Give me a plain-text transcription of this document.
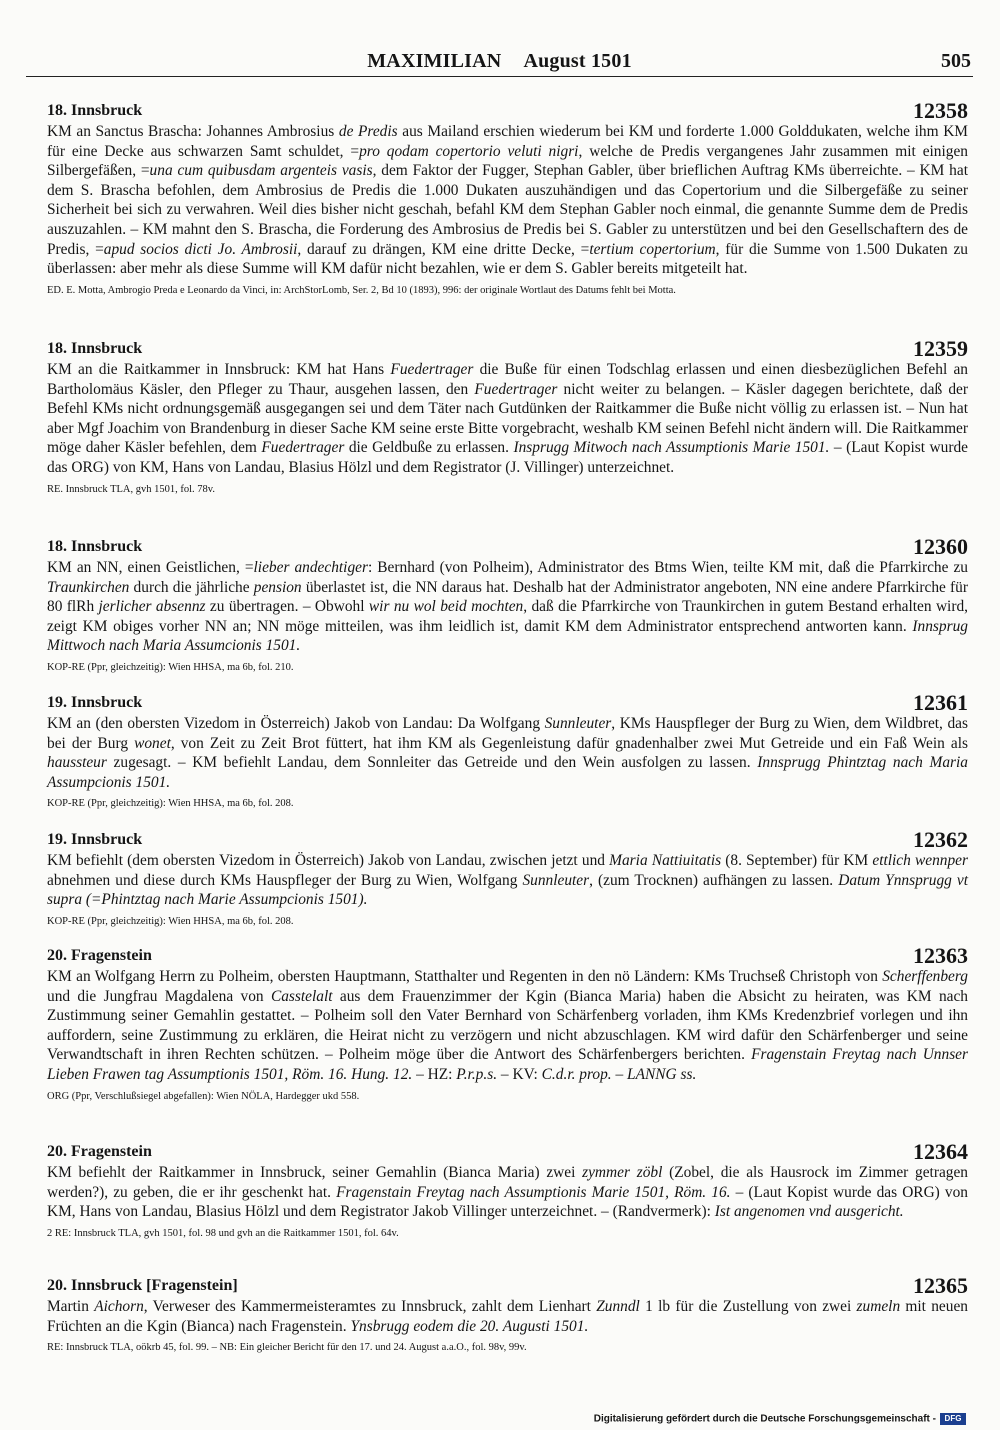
MAXIMILIAN August 1501	505
18. Innsbruck	12358

KM an Sanctus Brascha: Johannes Ambrosius de Predis aus Mailand erschien wiederum bei KM und forderte 1.000 Golddukaten, welche ihm KM für eine Decke aus schwarzen Samt schuldet, =pro qodam copertorio veluti nigri, welche de Predis vergangenes Jahr zusammen mit einigen Silbergefäßen, =una cum quibusdam argenteis vasis, dem Faktor der Fugger, Stephan Gabler, über brieflichen Auftrag KMs überreichte. – KM hat dem S. Brascha befohlen, dem Ambrosius de Predis die 1.000 Dukaten auszuhändigen und das Copertorium und die Silbergefäße zu seiner Sicherheit bei sich zu verwahren. Weil dies bisher nicht geschah, befahl KM dem Stephan Gabler noch einmal, die genannte Summe dem de Predis auszuzahlen. – KM mahnt den S. Brascha, die Forderung des Ambrosius de Predis bei S. Gabler zu unterstützen und bei den Gesellschaftern des de Predis, =apud socios dicti Jo. Ambrosii, darauf zu drängen, KM eine dritte Decke, =tertium copertorium, für die Summe von 1.500 Dukaten zu überlassen: aber mehr als diese Summe will KM dafür nicht bezahlen, wie er dem S. Gabler bereits mitgeteilt hat.

ED. E. Motta, Ambrogio Preda e Leonardo da Vinci, in: ArchStorLomb, Ser. 2, Bd 10 (1893), 996: der originale Wortlaut des Datums fehlt bei Motta.
18. Innsbruck	12359

KM an die Raitkammer in Innsbruck: KM hat Hans Fuedertrager die Buße für einen Todschlag erlassen und einen diesbezüglichen Befehl an Bartholomäus Käsler, den Pfleger zu Thaur, ausgehen lassen, den Fuedertrager nicht weiter zu belangen. – Käsler dagegen berichtete, daß der Befehl KMs nicht ordnungsgemäß ausgegangen sei und dem Täter nach Gutdünken der Raitkammer die Buße nicht völlig zu erlassen ist. – Nun hat aber Mgf Joachim von Brandenburg in dieser Sache KM seine erste Bitte vorgebracht, weshalb KM seinen Befehl nicht ändern will. Die Raitkammer möge daher Käsler befehlen, dem Fuedertrager die Geldbuße zu erlassen. Insprugg Mitwoch nach Assumptionis Marie 1501. – (Laut Kopist wurde das ORG) von KM, Hans von Landau, Blasius Hölzl und dem Registrator (J. Villinger) unterzeichnet.

RE. Innsbruck TLA, gvh 1501, fol. 78v.
18. Innsbruck	12360

KM an NN, einen Geistlichen, =lieber andechtiger: Bernhard (von Polheim), Administrator des Btms Wien, teilte KM mit, daß die Pfarrkirche zu Traunkirchen durch die jährliche pension überlastet ist, die NN daraus hat. Deshalb hat der Administrator angeboten, NN eine andere Pfarrkirche für 80 flRh jerlicher absennz zu übertragen. – Obwohl wir nu wol beid mochten, daß die Pfarrkirche von Traunkirchen in gutem Bestand erhalten wird, zeigt KM obiges vorher NN an; NN möge mitteilen, was ihm leidlich ist, damit KM dem Administrator entsprechend antworten kann. Innsprug Mittwoch nach Maria Assumcionis 1501.

KOP-RE (Ppr, gleichzeitig): Wien HHSA, ma 6b, fol. 210.
19. Innsbruck	12361

KM an (den obersten Vizedom in Österreich) Jakob von Landau: Da Wolfgang Sunnleuter, KMs Hauspfleger der Burg zu Wien, dem Wildbret, das bei der Burg wonet, von Zeit zu Zeit Brot füttert, hat ihm KM als Gegenleistung dafür gnadenhalber zwei Mut Getreide und ein Faß Wein als haussteur zugesagt. – KM befiehlt Landau, dem Sonnleiter das Getreide und den Wein ausfolgen zu lassen. Innsprugg Phintztag nach Maria Assumpcionis 1501.

KOP-RE (Ppr, gleichzeitig): Wien HHSA, ma 6b, fol. 208.
19. Innsbruck	12362

KM befiehlt (dem obersten Vizedom in Österreich) Jakob von Landau, zwischen jetzt und Maria Nattiuitatis (8. September) für KM ettlich wennper abnehmen und diese durch KMs Hauspfleger der Burg zu Wien, Wolfgang Sunnleuter, (zum Trocknen) aufhängen zu lassen. Datum Ynnsprugg vt supra (=Phintztag nach Marie Assumpcionis 1501).

KOP-RE (Ppr, gleichzeitig): Wien HHSA, ma 6b, fol. 208.
20. Fragenstein	12363

KM an Wolfgang Herrn zu Polheim, obersten Hauptmann, Statthalter und Regenten in den nö Ländern: KMs Truchseß Christoph von Scherffenberg und die Jungfrau Magdalena von Casstelalt aus dem Frauenzimmer der Kgin (Bianca Maria) haben die Absicht zu heiraten, was KM nach Zustimmung seiner Gemahlin gestattet. – Polheim soll den Vater Bernhard von Schärfenberg vorladen, ihm KMs Kredenzbrief vorlegen und ihn auffordern, seine Zustimmung zu erklären, die Heirat nicht zu verzögern und nicht abzuschlagen. KM wird dafür den Schärfenberger und seine Verwandtschaft in ihren Rechten schützen. – Polheim möge über die Antwort des Schärfenbergers berichten. Fragenstain Freytag nach Unnser Lieben Frawen tag Assumptionis 1501, Röm. 16. Hung. 12. – HZ: P.r.p.s. – KV: C.d.r. prop. – LANNG ss.

ORG (Ppr, Verschlußsiegel abgefallen): Wien NÖLA, Hardegger ukd 558.
20. Fragenstein	12364

KM befiehlt der Raitkammer in Innsbruck, seiner Gemahlin (Bianca Maria) zwei zymmer zöbl (Zobel, die als Hausrock im Zimmer getragen werden?), zu geben, die er ihr geschenkt hat. Fragenstain Freytag nach Assumptionis Marie 1501, Röm. 16. – (Laut Kopist wurde das ORG) von KM, Hans von Landau, Blasius Hölzl und dem Registrator Jakob Villinger unterzeichnet. – (Randvermerk): Ist angenomen vnd ausgericht.

2 RE: Innsbruck TLA, gvh 1501, fol. 98 und gvh an die Raitkammer 1501, fol. 64v.
20. Innsbruck [Fragenstein]	12365

Martin Aichorn, Verweser des Kammermeisteramtes zu Innsbruck, zahlt dem Lienhart Zunndl 1 lb für die Zustellung von zwei zumeln mit neuen Früchten an die Kgin (Bianca) nach Fragenstein. Ynsbrugg eodem die 20. Augusti 1501.

RE: Innsbruck TLA, oökrb 45, fol. 99. – NB: Ein gleicher Bericht für den 17. und 24. August a.a.O., fol. 98v, 99v.
Digitalisierung gefördert durch die Deutsche Forschungsgemeinschaft - DFG
